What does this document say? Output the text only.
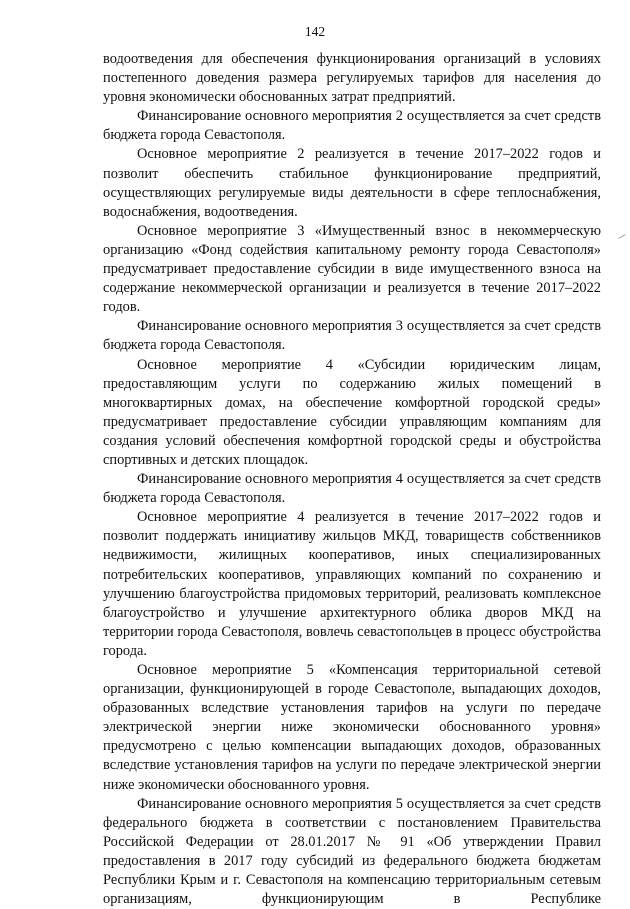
142

водоотведения для обеспечения функционирования организаций в условиях постепенного доведения размера регулируемых тарифов для населения до уровня экономически обоснованных затрат предприятий.

Финансирование основного мероприятия 2 осуществляется за счет средств бюджета города Севастополя.

Основное мероприятие 2 реализуется в течение 2017–2022 годов и позволит обеспечить стабильное функционирование предприятий, осуществляющих регулируемые виды деятельности в сфере теплоснабжения, водоснабжения, водоотведения.

Основное мероприятие 3 «Имущественный взнос в некоммерческую организацию «Фонд содействия капитальному ремонту города Севастополя» предусматривает предоставление субсидии в виде имущественного взноса на содержание некоммерческой организации и реализуется в течение 2017–2022 годов.

Финансирование основного мероприятия 3 осуществляется за счет средств бюджета города Севастополя.

Основное мероприятие 4 «Субсидии юридическим лицам, предоставляющим услуги по содержанию жилых помещений в многоквартирных домах, на обеспечение комфортной городской среды» предусматривает предоставление субсидии управляющим компаниям для создания условий обеспечения комфортной городской среды и обустройства спортивных и детских площадок.

Финансирование основного мероприятия 4 осуществляется за счет средств бюджета города Севастополя.

Основное мероприятие 4 реализуется в течение 2017–2022 годов и позволит поддержать инициативу жильцов МКД, товариществ собственников недвижимости, жилищных кооперативов, иных специализированных потребительских кооперативов, управляющих компаний по сохранению и улучшению благоустройства придомовых территорий, реализовать комплексное благоустройство и улучшение архитектурного облика дворов МКД на территории города Севастополя, вовлечь севастопольцев в процесс обустройства города.

Основное мероприятие 5 «Компенсация территориальной сетевой организации, функционирующей в городе Севастополе, выпадающих доходов, образованных вследствие установления тарифов на услуги по передаче электрической энергии ниже экономически обоснованного уровня» предусмотрено с целью компенсации выпадающих доходов, образованных вследствие установления тарифов на услуги по передаче электрической энергии ниже экономически обоснованного уровня.

Финансирование основного мероприятия 5 осуществляется за счет средств федерального бюджета в соответствии с постановлением Правительства Российской Федерации от 28.01.2017 № 91 «Об утверждении Правил предоставления в 2017 году субсидий из федерального бюджета бюджетам Республики Крым и г. Севастополя на компенсацию территориальным сетевым организациям, функционирующим в Республике
